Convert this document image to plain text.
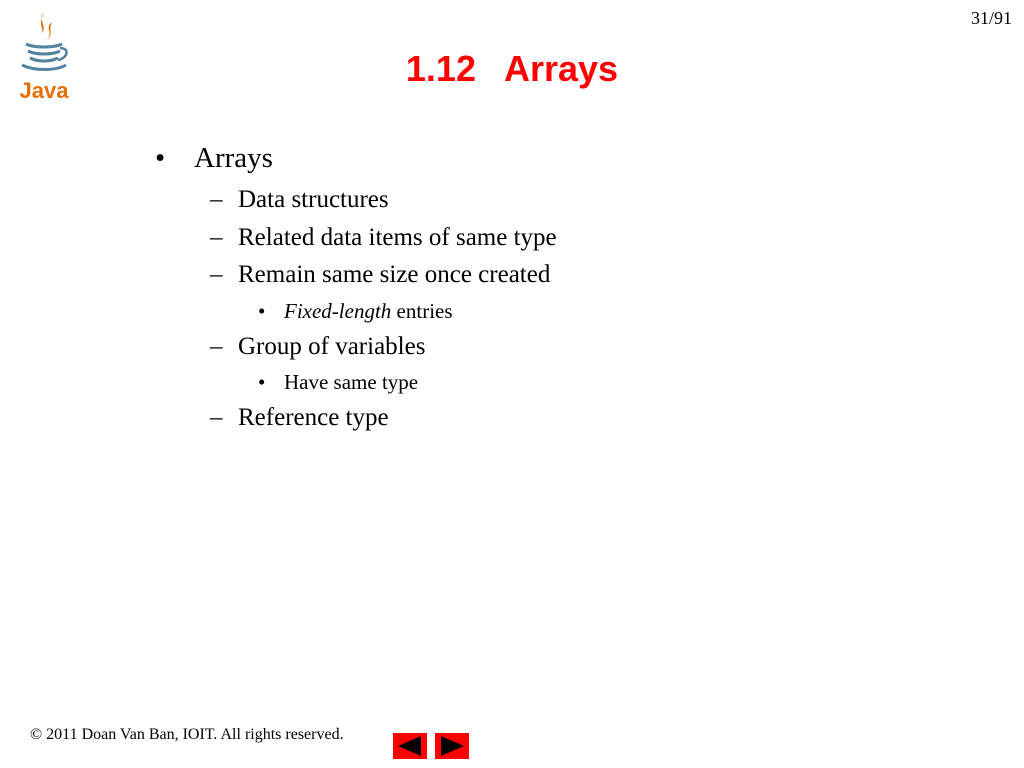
Java
31/91
1.12 Arrays
• Arrays
– Data structures
– Related data items of same type
– Remain same size once created
• Fixed-length entries
– Group of variables
• Have same type
– Reference type
© 2011 Doan Van Ban, IOIT. All rights reserved.
